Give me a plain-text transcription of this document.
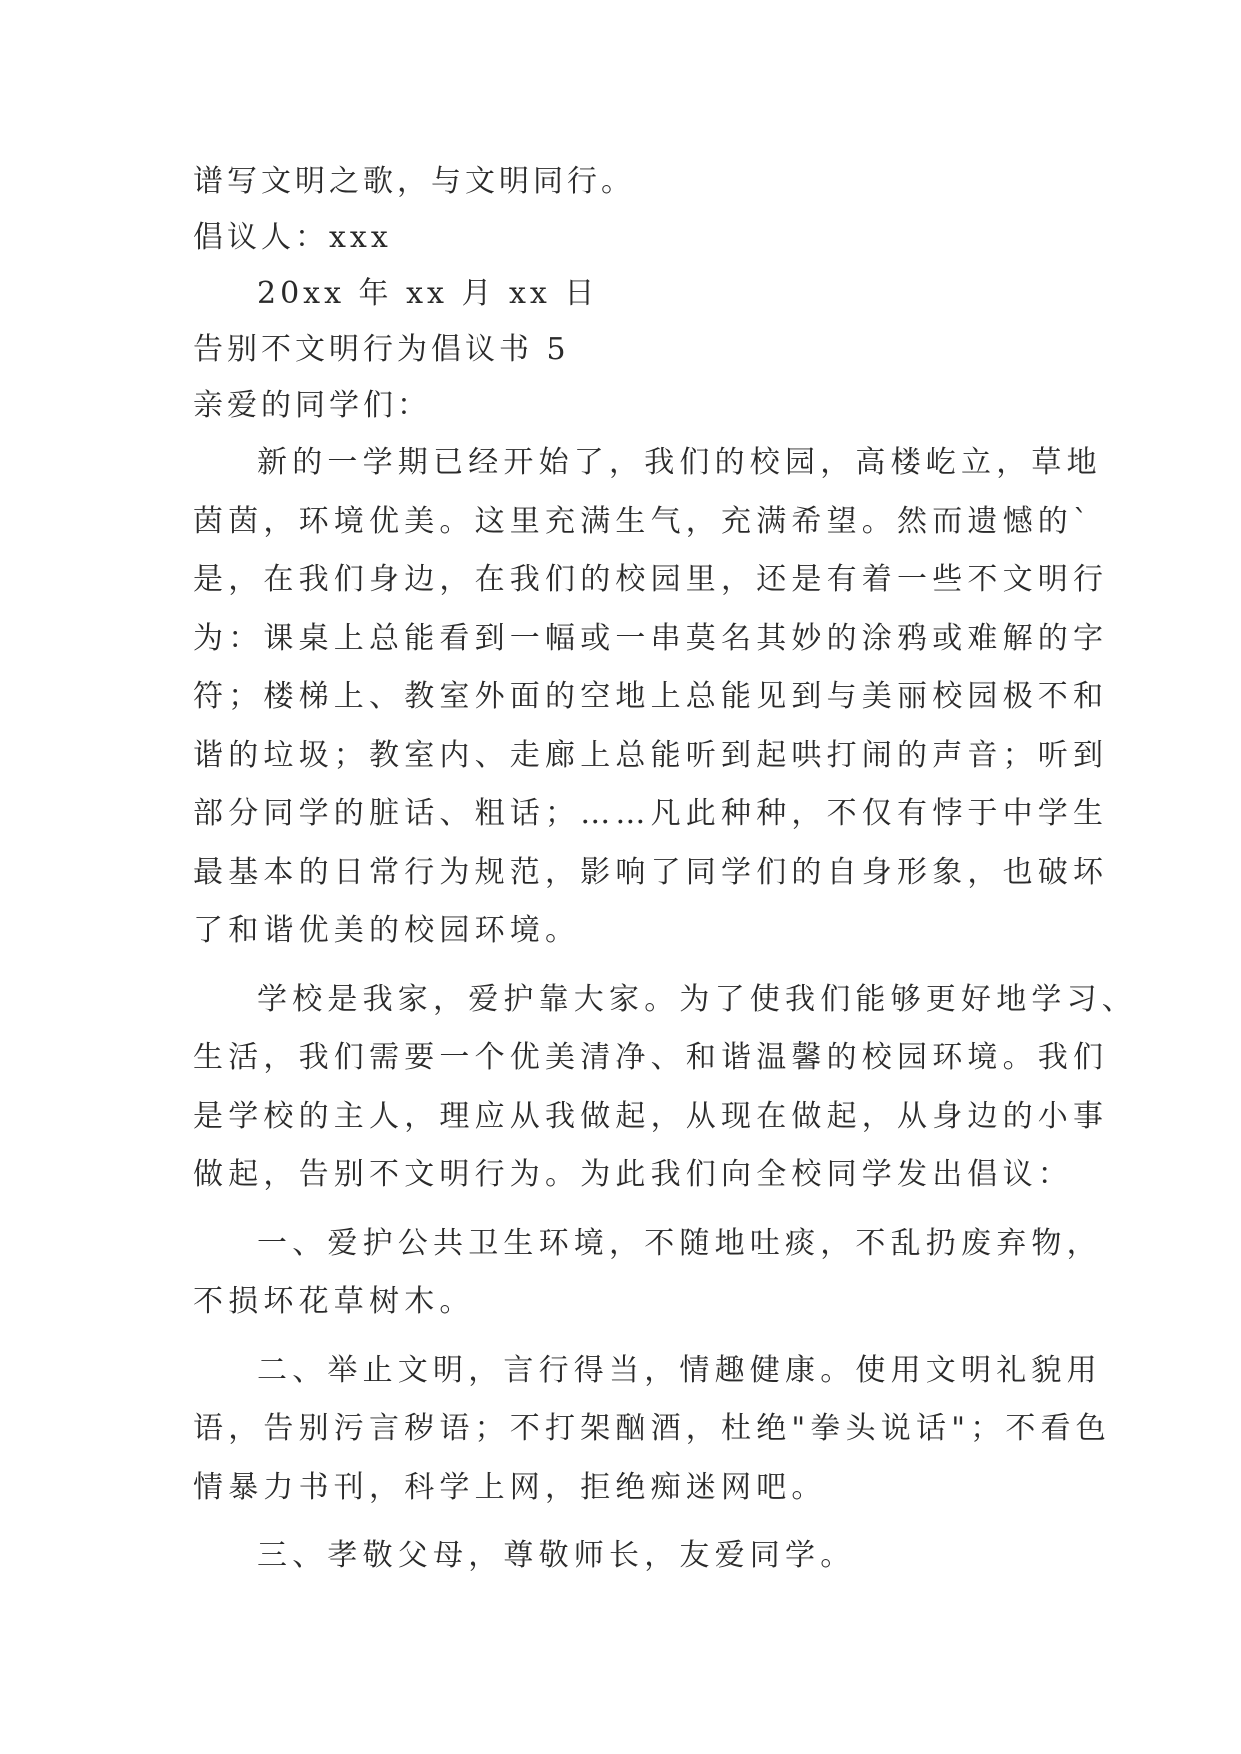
谱写文明之歌，与文明同行。
倡议人：xxx
20xx 年 xx 月 xx 日
告别不文明行为倡议书 5
亲爱的同学们：
新的一学期已经开始了，我们的校园，高楼屹立，草地
茵茵，环境优美。这里充满生气，充满希望。然而遗憾的`
是，在我们身边，在我们的校园里，还是有着一些不文明行
为：课桌上总能看到一幅或一串莫名其妙的涂鸦或难解的字
符；楼梯上、教室外面的空地上总能见到与美丽校园极不和
谐的垃圾；教室内、走廊上总能听到起哄打闹的声音；听到
部分同学的脏话、粗话；……凡此种种，不仅有悖于中学生
最基本的日常行为规范，影响了同学们的自身形象，也破坏
了和谐优美的校园环境。
学校是我家，爱护靠大家。为了使我们能够更好地学习、
生活，我们需要一个优美清净、和谐温馨的校园环境。我们
是学校的主人，理应从我做起，从现在做起，从身边的小事
做起，告别不文明行为。为此我们向全校同学发出倡议：
一、爱护公共卫生环境，不随地吐痰，不乱扔废弃物，
不损坏花草树木。
二、举止文明，言行得当，情趣健康。使用文明礼貌用
语，告别污言秽语；不打架酗酒，杜绝"拳头说话"；不看色
情暴力书刊，科学上网，拒绝痴迷网吧。
三、孝敬父母，尊敬师长，友爱同学。
